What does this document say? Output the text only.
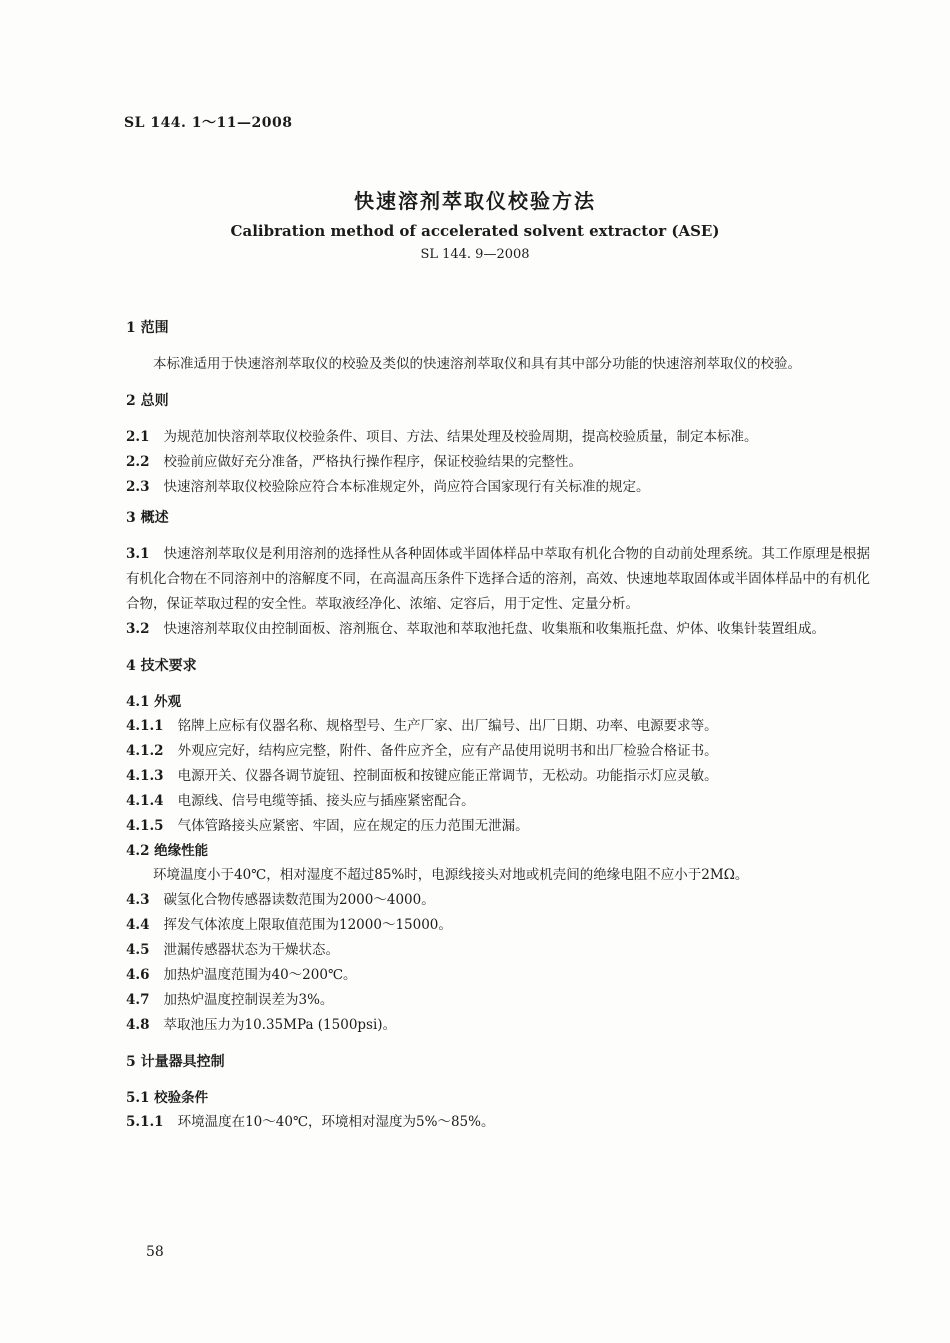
SL 144. 1～11—2008
快速溶剂萃取仪校验方法
Calibration method of accelerated solvent extractor (ASE)
SL 144. 9—2008
1 范围
本标准适用于快速溶剂萃取仪的校验及类似的快速溶剂萃取仪和具有其中部分功能的快速溶剂萃取仪的校验。
2 总则
2.1 为规范加快溶剂萃取仪校验条件、项目、方法、结果处理及校验周期，提高校验质量，制定本标准。
2.2 校验前应做好充分准备，严格执行操作程序，保证校验结果的完整性。
2.3 快速溶剂萃取仪校验除应符合本标准规定外，尚应符合国家现行有关标准的规定。
3 概述
3.1 快速溶剂萃取仪是利用溶剂的选择性从各种固体或半固体样品中萃取有机化合物的自动前处理系统。其工作原理是根据有机化合物在不同溶剂中的溶解度不同，在高温高压条件下选择合适的溶剂，高效、快速地萃取固体或半固体样品中的有机化合物，保证萃取过程的安全性。萃取液经净化、浓缩、定容后，用于定性、定量分析。
3.2 快速溶剂萃取仪由控制面板、溶剂瓶仓、萃取池和萃取池托盘、收集瓶和收集瓶托盘、炉体、收集针装置组成。
4 技术要求
4.1 外观
4.1.1 铭牌上应标有仪器名称、规格型号、生产厂家、出厂编号、出厂日期、功率、电源要求等。
4.1.2 外观应完好，结构应完整，附件、备件应齐全，应有产品使用说明书和出厂检验合格证书。
4.1.3 电源开关、仪器各调节旋钮、控制面板和按键应能正常调节，无松动。功能指示灯应灵敏。
4.1.4 电源线、信号电缆等插、接头应与插座紧密配合。
4.1.5 气体管路接头应紧密、牢固，应在规定的压力范围无泄漏。
4.2 绝缘性能
环境温度小于40℃，相对湿度不超过85%时，电源线接头对地或机壳间的绝缘电阻不应小于2MΩ。
4.3 碳氢化合物传感器读数范围为2000～4000。
4.4 挥发气体浓度上限取值范围为12000～15000。
4.5 泄漏传感器状态为干燥状态。
4.6 加热炉温度范围为40～200℃。
4.7 加热炉温度控制误差为3%。
4.8 萃取池压力为10.35MPa (1500psi)。
5 计量器具控制
5.1 校验条件
5.1.1 环境温度在10～40℃，环境相对湿度为5%～85%。
58
